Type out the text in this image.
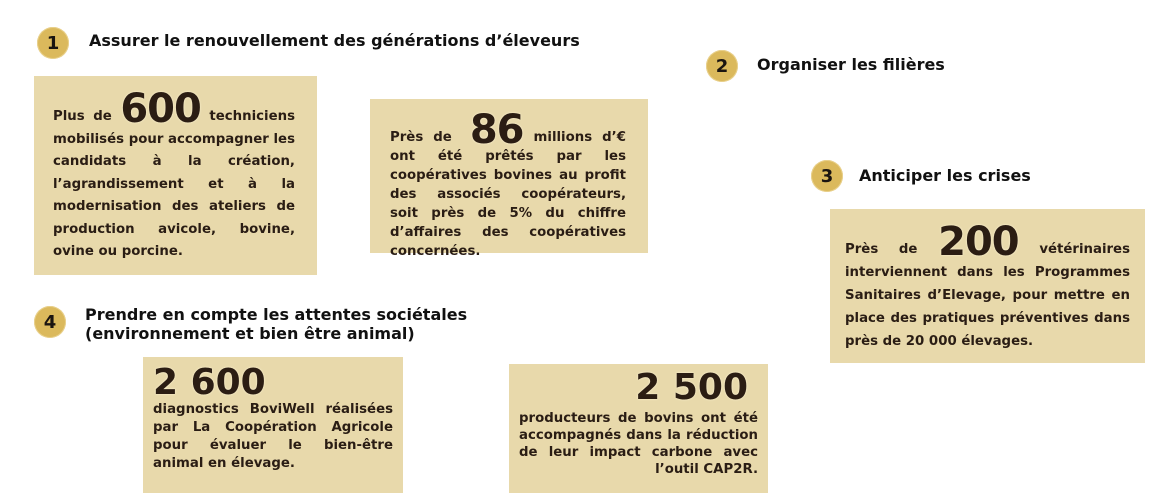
1	Assurer le renouvellement des générations d’éleveurs
Plus de 600 techniciens mobilisés pour accompagner les candidats à la création, l’agrandissement et à la modernisation des ateliers de production avicole, bovine, ovine ou porcine.
Près de 86 millions d’€ ont été prêtés par les coopératives bovines au profit des associés coopérateurs, soit près de 5% du chiffre d’affaires des coopératives concernées.
2	Organiser les filières
3	Anticiper les crises
Près de 200 vétérinaires interviennent dans les Programmes Sanitaires d’Elevage, pour mettre en place des pratiques préventives dans près de 20 000 élevages.
4	Prendre en compte les attentes sociétales (environnement et bien être animal)
2 600
diagnostics BoviWell réalisées par La Coopération Agricole pour évaluer le bien-être animal en élevage.
2 500
producteurs de bovins ont été accompagnés dans la réduction de leur impact carbone avec l’outil CAP2R.
